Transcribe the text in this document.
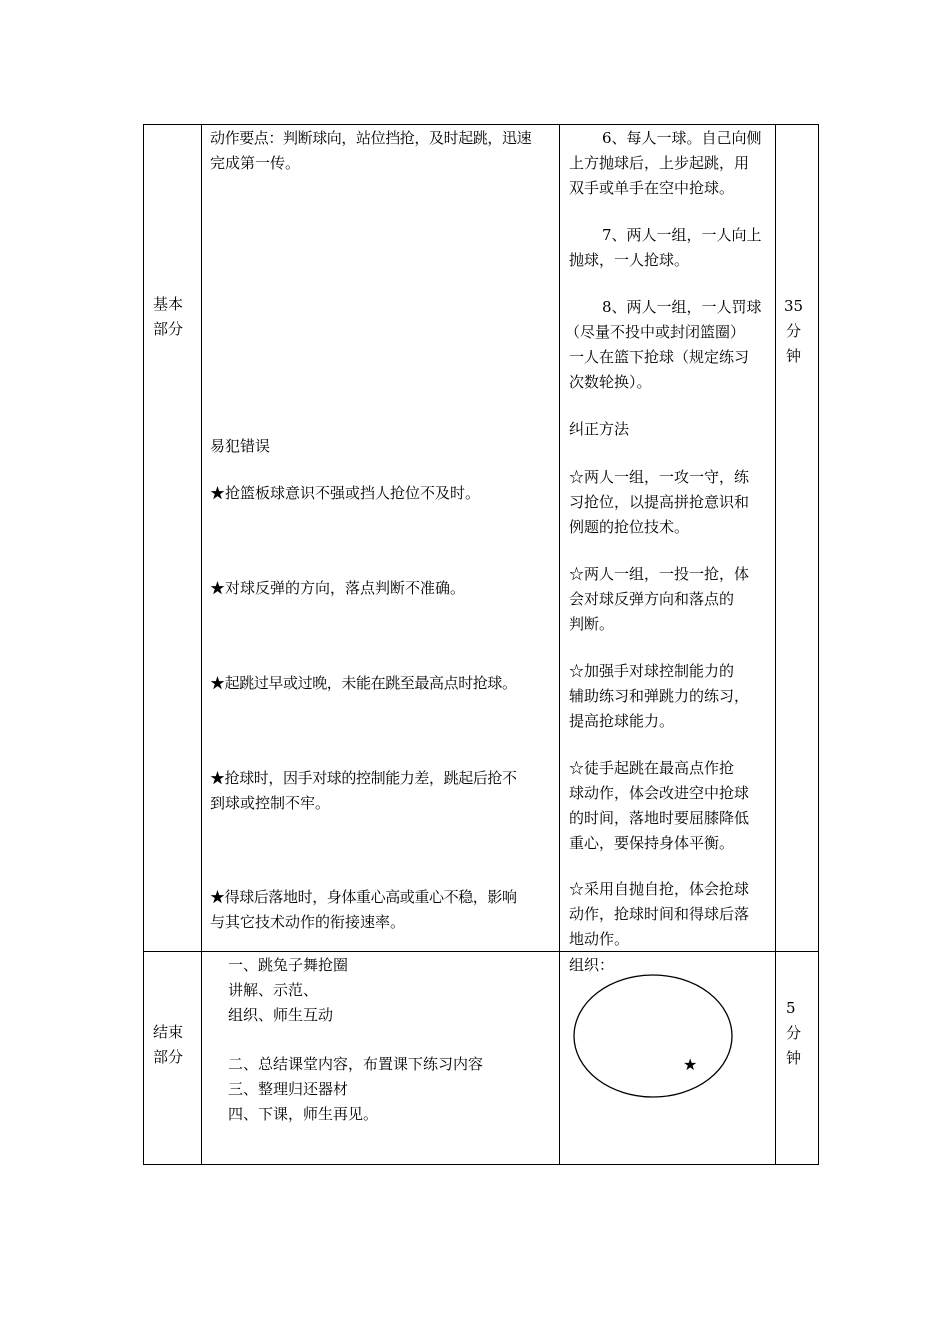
基本
部分
35
分
钟
动作要点：判断球向，站位挡抢，及时起跳，迅速
完成第一传。
易犯错误
★抢篮板球意识不强或挡人抢位不及时。
★对球反弹的方向，落点判断不准确。
★起跳过早或过晚，未能在跳至最高点时抢球。
★抢球时，因手对球的控制能力差，跳起后抢不
到球或控制不牢。
★得球后落地时，身体重心高或重心不稳，影响
与其它技术动作的衔接速率。
6、每人一球。自己向侧
上方抛球后，上步起跳，用
双手或单手在空中抢球。
7、两人一组，一人向上
抛球，一人抢球。
8、两人一组，一人罚球
（尽量不投中或封闭篮圈）
一人在篮下抢球（规定练习
次数轮换）。
纠正方法
☆两人一组，一攻一守，练
习抢位，以提高拼抢意识和
例题的抢位技术。
☆两人一组，一投一抢，体
会对球反弹方向和落点的
判断。
☆加强手对球控制能力的
辅助练习和弹跳力的练习，
提高抢球能力。
☆徒手起跳在最高点作抢
球动作，体会改进空中抢球
的时间，落地时要屈膝降低
重心，要保持身体平衡。
☆采用自抛自抢，体会抢球
动作，抢球时间和得球后落
地动作。
结束
部分
5
分
钟
一、跳兔子舞抢圈
讲解、示范、
组织、师生互动
二、总结课堂内容，布置课下练习内容
三、整理归还器材
四、下课，师生再见。
组织：
★
